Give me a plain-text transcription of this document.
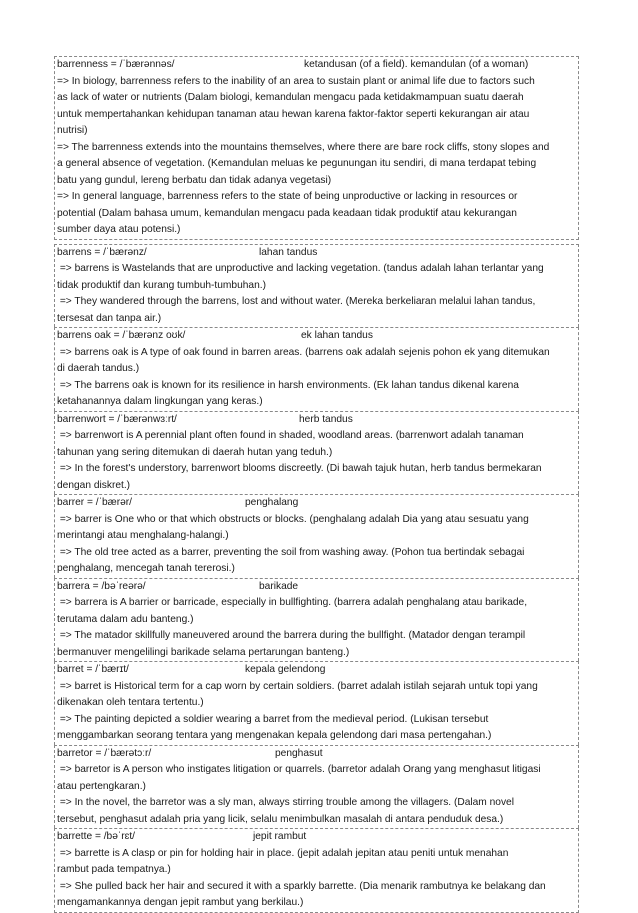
barrenness = /ˈbærənnəs/	ketandusan (of a field). kemandulan (of a woman)
=> In biology, barrenness refers to the inability of an area to sustain plant or animal life due to factors such
as lack of water or nutrients (Dalam biologi, kemandulan mengacu pada ketidakmampuan suatu daerah
untuk mempertahankan kehidupan tanaman atau hewan karena faktor-faktor seperti kekurangan air atau
nutrisi)
=> The barrenness extends into the mountains themselves, where there are bare rock cliffs, stony slopes and
a general absence of vegetation. (Kemandulan meluas ke pegunungan itu sendiri, di mana terdapat tebing
batu yang gundul, lereng berbatu dan tidak adanya vegetasi)
=> In general language, barrenness refers to the state of being unproductive or lacking in resources or
potential (Dalam bahasa umum, kemandulan mengacu pada keadaan tidak produktif atau kekurangan
sumber daya atau potensi.)
barrens = /ˈbærənz/	lahan tandus
=> barrens is Wastelands that are unproductive and lacking vegetation. (tandus adalah lahan terlantar yang
tidak produktif dan kurang tumbuh-tumbuhan.)
=> They wandered through the barrens, lost and without water. (Mereka berkeliaran melalui lahan tandus,
tersesat dan tanpa air.)
barrens oak = /ˈbærənz oʊk/	ek lahan tandus
=> barrens oak is A type of oak found in barren areas. (barrens oak adalah sejenis pohon ek yang ditemukan
di daerah tandus.)
=> The barrens oak is known for its resilience in harsh environments. (Ek lahan tandus dikenal karena
ketahanannya dalam lingkungan yang keras.)
barrenwort = /ˈbærənwɜːrt/	herb tandus
=> barrenwort is A perennial plant often found in shaded, woodland areas. (barrenwort adalah tanaman
tahunan yang sering ditemukan di daerah hutan yang teduh.)
=> In the forest's understory, barrenwort blooms discreetly. (Di bawah tajuk hutan, herb tandus bermekaran
dengan diskret.)
barrer = /ˈbærər/	penghalang
=> barrer is One who or that which obstructs or blocks. (penghalang adalah Dia yang atau sesuatu yang
merintangi atau menghalang-halangi.)
=> The old tree acted as a barrer, preventing the soil from washing away. (Pohon tua bertindak sebagai
penghalang, mencegah tanah tererosi.)
barrera = /bəˈreərə/	barikade
=> barrera is A barrier or barricade, especially in bullfighting. (barrera adalah penghalang atau barikade,
terutama dalam adu banteng.)
=> The matador skillfully maneuvered around the barrera during the bullfight. (Matador dengan terampil
bermanuver mengelilingi barikade selama pertarungan banteng.)
barret = /ˈbærɪt/	kepala gelendong
=> barret is Historical term for a cap worn by certain soldiers. (barret adalah istilah sejarah untuk topi yang
dikenakan oleh tentara tertentu.)
=> The painting depicted a soldier wearing a barret from the medieval period. (Lukisan tersebut
menggambarkan seorang tentara yang mengenakan kepala gelendong dari masa pertengahan.)
barretor = /ˈbærətɔːr/	penghasut
=> barretor is A person who instigates litigation or quarrels. (barretor adalah Orang yang menghasut litigasi
atau pertengkaran.)
=> In the novel, the barretor was a sly man, always stirring trouble among the villagers. (Dalam novel
tersebut, penghasut adalah pria yang licik, selalu menimbulkan masalah di antara penduduk desa.)
barrette = /bəˈrɛt/	jepit rambut
=> barrette is A clasp or pin for holding hair in place. (jepit adalah jepitan atau peniti untuk menahan
rambut pada tempatnya.)
=> She pulled back her hair and secured it with a sparkly barrette. (Dia menarik rambutnya ke belakang dan
mengamankannya dengan jepit rambut yang berkilau.)
